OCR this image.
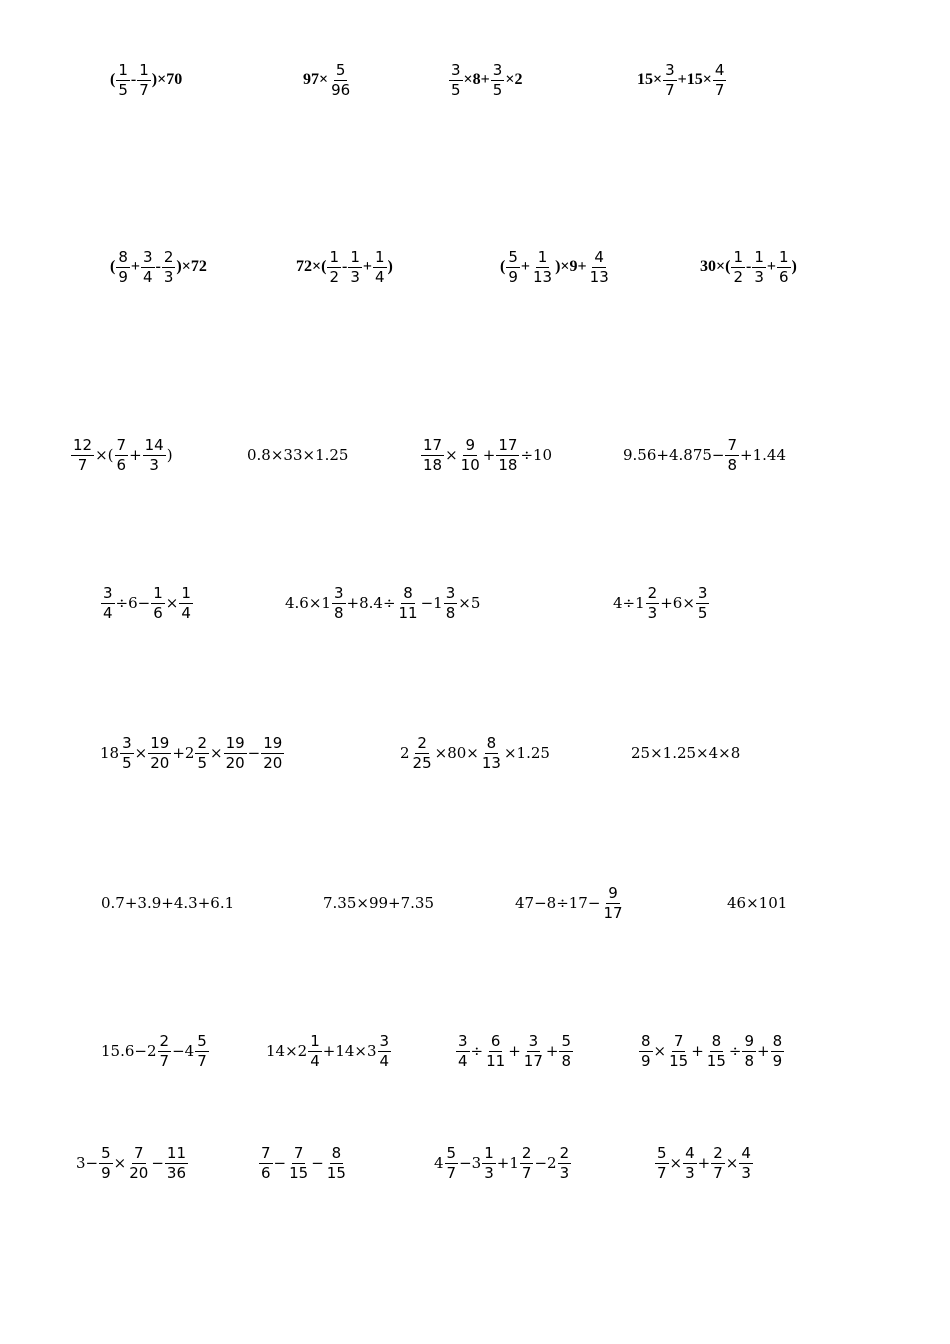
( $\frac{1}{5} - \frac{1}{7} )\times 70$	$97\times \frac{5}{96}$	$\frac{3}{5} \times 8+ \frac{3}{5} \times 2$	$15\times \frac{3}{7} +15\times \frac{4}{7}$
( $\frac{8}{9} + \frac{3}{4} - \frac{2}{3} )\times 72$	$72\times( \frac{1}{2} - \frac{1}{3} + \frac{1}{4}$ )	( $\frac{5}{9} + \frac{1}{13} )\times 9+ \frac{4}{13}$	$30\times( \frac{1}{2} - \frac{1}{3} + \frac{1}{6}$ )
$\frac{12}{7}$ ×( $\frac{7}{6} + \frac{14}{3}$ )	0.8×33×1.25	$\frac{17}{18} \times \frac{9}{10} + \frac{17}{18} \div 10$	$9.56+4.875- \frac{7}{8} +1.44$
$\frac{3}{4} \div 6- \frac{1}{6} \times \frac{1}{4}$	$4.6\times 1 \frac{3}{8} +8.4\div \frac{8}{11} -1 \frac{3}{8} \times 5$	$4\div 1 \frac{2}{3} +6\times \frac{3}{5}$
$18 \frac{3}{5} \times \frac{19}{20} +2 \frac{2}{5} \times \frac{19}{20} - \frac{19}{20}$	$2 \frac{2}{25} \times 80\times \frac{8}{13} \times 1.25$	25×1.25×4×8
0.7+3.9+4.3+6.1	7.35×99+7.35	$47-8\div 17- \frac{9}{17}$	46×101
$15.6-2 \frac{2}{7} -4 \frac{5}{7}$	$14\times 2 \frac{1}{4} +14\times 3 \frac{3}{4}$	$\frac{3}{4} \div \frac{6}{11} + \frac{3}{17} + \frac{5}{8}$	$\frac{8}{9} \times \frac{7}{15} + \frac{8}{15} \div \frac{9}{8} + \frac{8}{9}$
$3- \frac{5}{9} \times \frac{7}{20} - \frac{11}{36}$	$\frac{7}{6} - \frac{7}{15} - \frac{8}{15}$	$4 \frac{5}{7} -3 \frac{1}{3} +1 \frac{2}{7} -2 \frac{2}{3}$	$\frac{5}{7} \times \frac{4}{3} + \frac{2}{7} \times \frac{4}{3}$
